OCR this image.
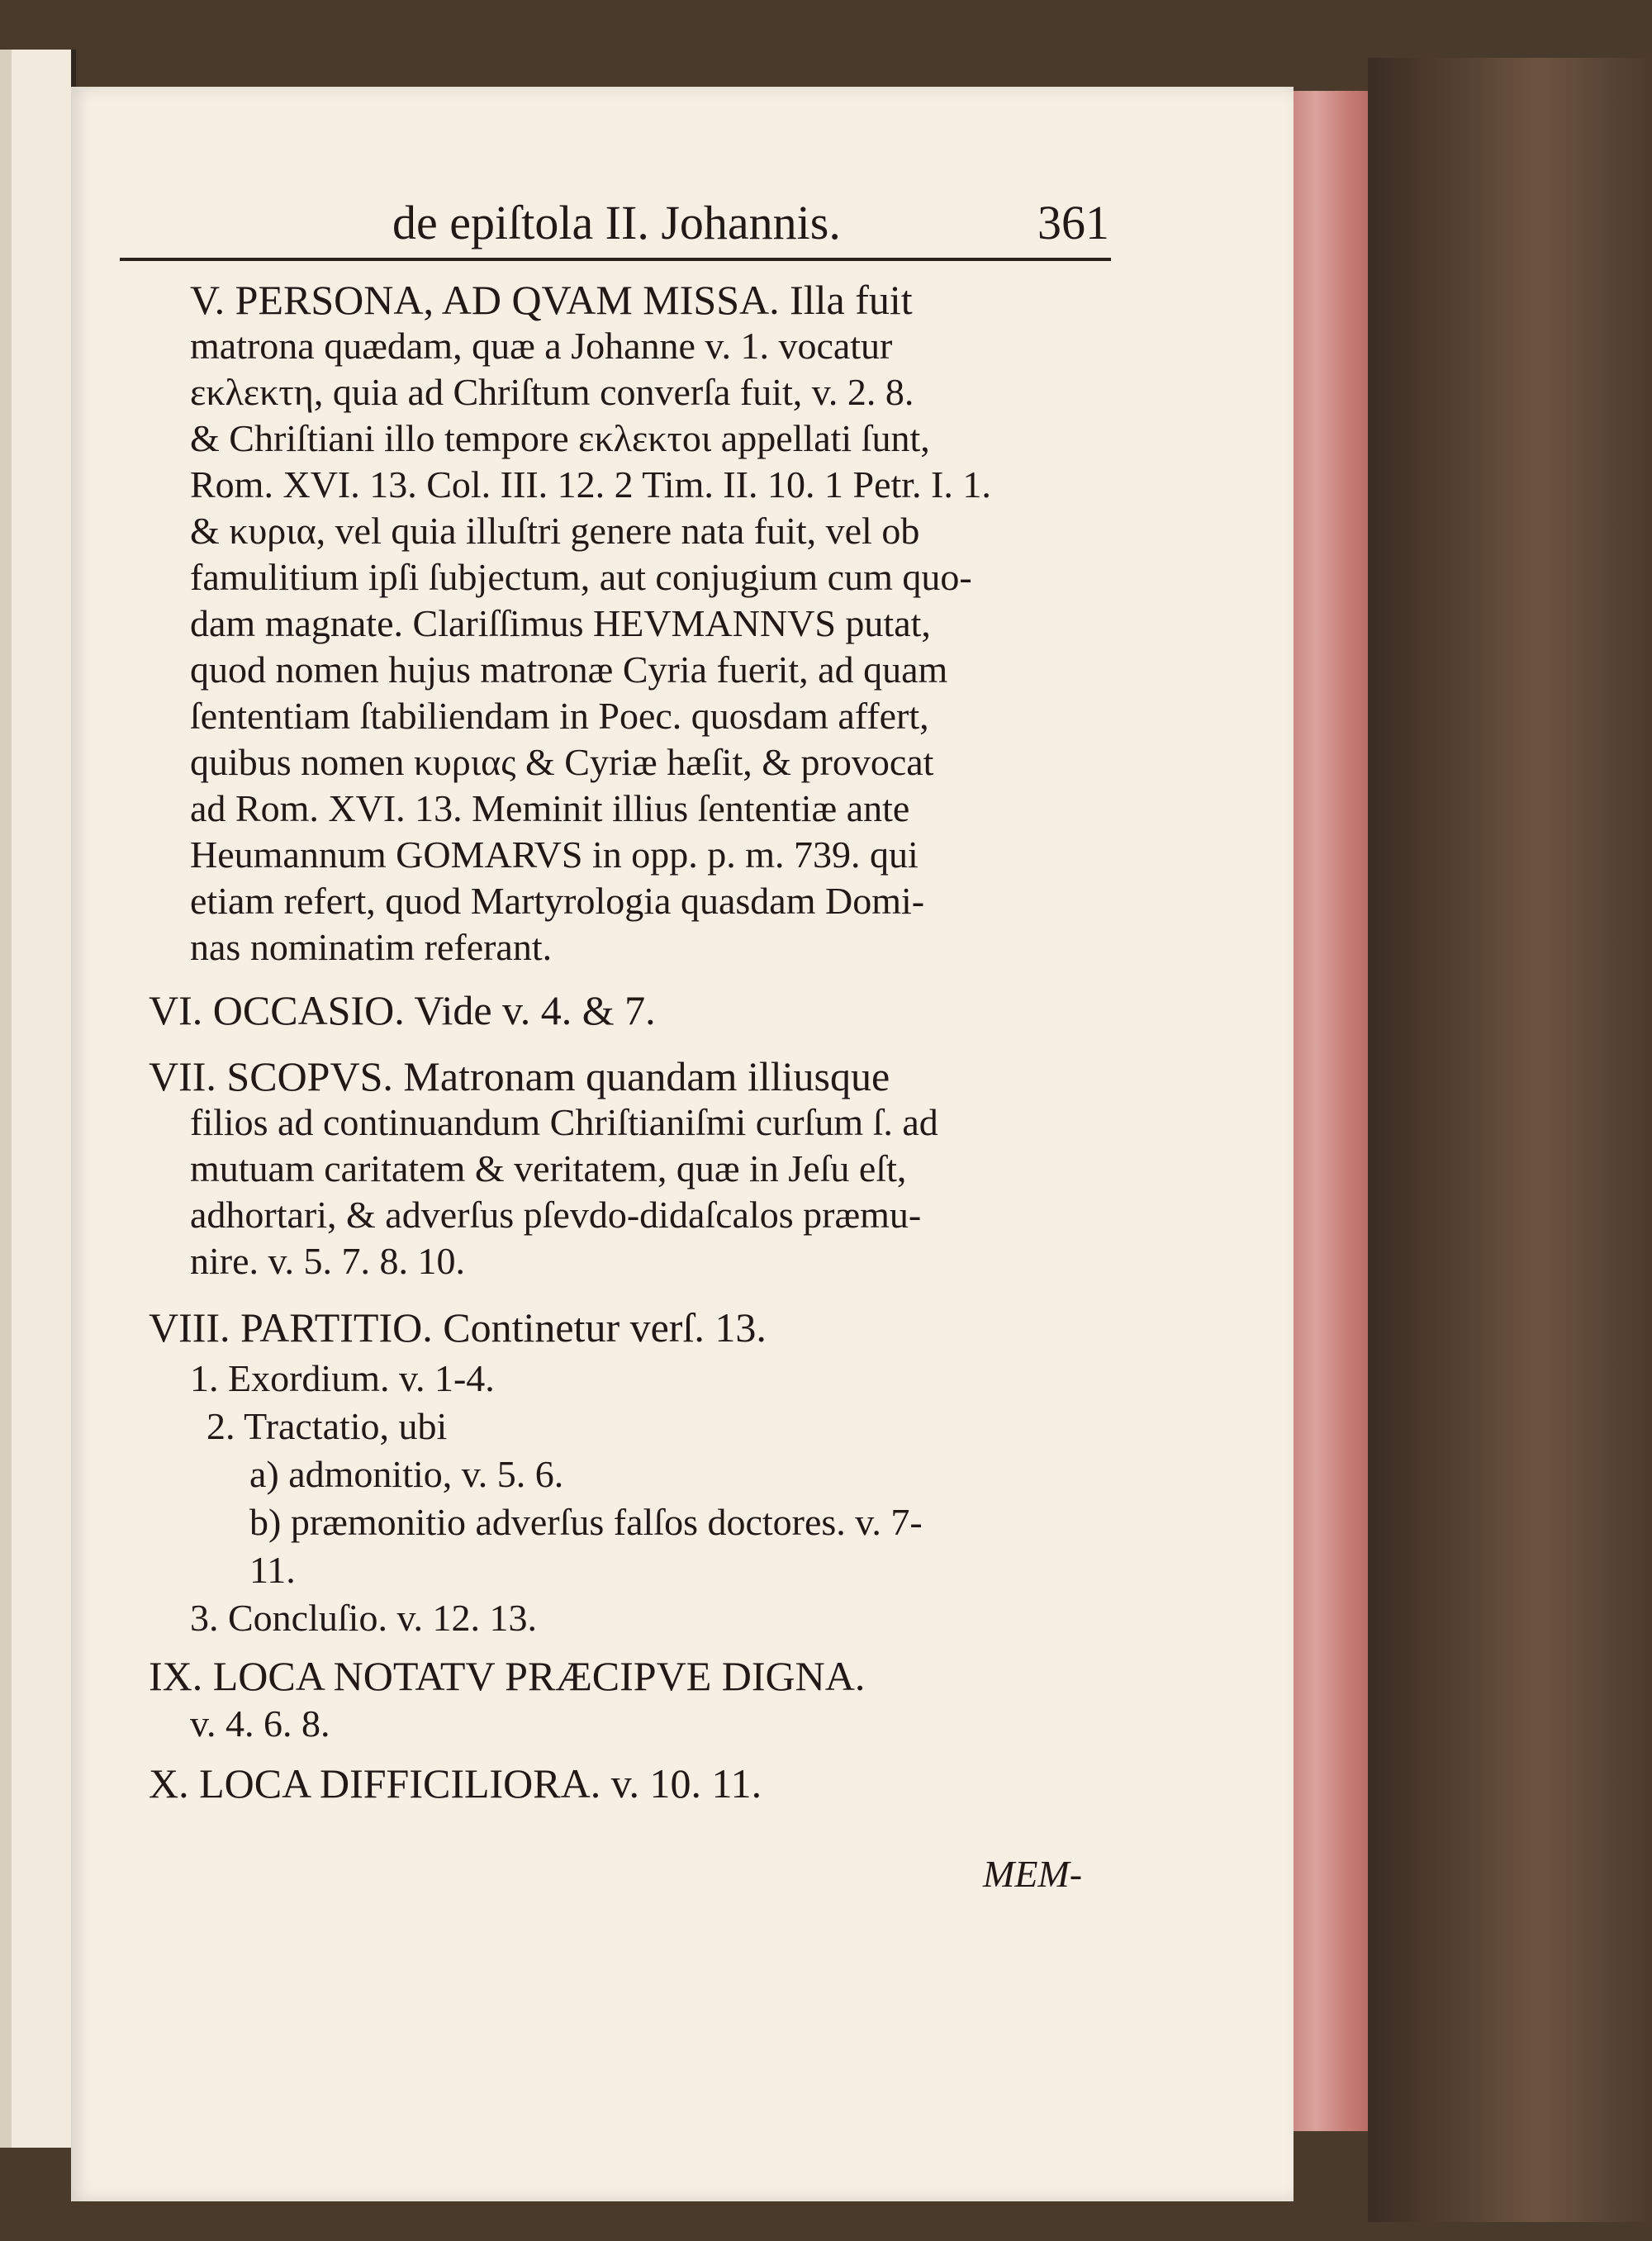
de epiſtola II. Johannis.	361
V. PERSONA, AD QVAM MISSA. Illa fuit
matrona quædam, quæ a Johanne v. 1. vocatur
εκλεκτη, quia ad Chriſtum converſa fuit, v. 2. 8.
& Chriſtiani illo tempore εκλεκτοι appellati ſunt,
Rom. XVI. 13. Col. III. 12. 2 Tim. II. 10. 1 Petr. I. 1.
& κυρια, vel quia illuſtri genere nata fuit, vel ob
famulitium ipſi ſubjectum, aut conjugium cum quo-
dam magnate. Clariſſimus HEVMANNVS putat,
quod nomen hujus matronæ Cyria fuerit, ad quam
ſententiam ſtabiliendam in Poec. quosdam affert,
quibus nomen κυριας & Cyriæ hæſit, & provocat
ad Rom. XVI. 13. Meminit illius ſententiæ ante
Heumannum GOMARVS in opp. p. m. 739. qui
etiam refert, quod Martyrologia quasdam Domi-
nas nominatim referant.
VI. OCCASIO. Vide v. 4. & 7.
VII. SCOPVS. Matronam quandam illiusque
filios ad continuandum Chriſtianiſmi curſum ſ. ad
mutuam caritatem & veritatem, quæ in Jeſu eſt,
adhortari, & adverſus pſevdo-didaſcalos præmu-
nire. v. 5. 7. 8. 10.
VIII. PARTITIO. Continetur verſ. 13.
1. Exordium. v. 1-4.
2. Tractatio, ubi
a) admonitio, v. 5. 6.
b) præmonitio adverſus falſos doctores. v. 7-
11.
3. Concluſio. v. 12. 13.
IX. LOCA NOTATV PRÆCIPVE DIGNA.
v. 4. 6. 8.
X. LOCA DIFFICILIORA. v. 10. 11.
MEM-
